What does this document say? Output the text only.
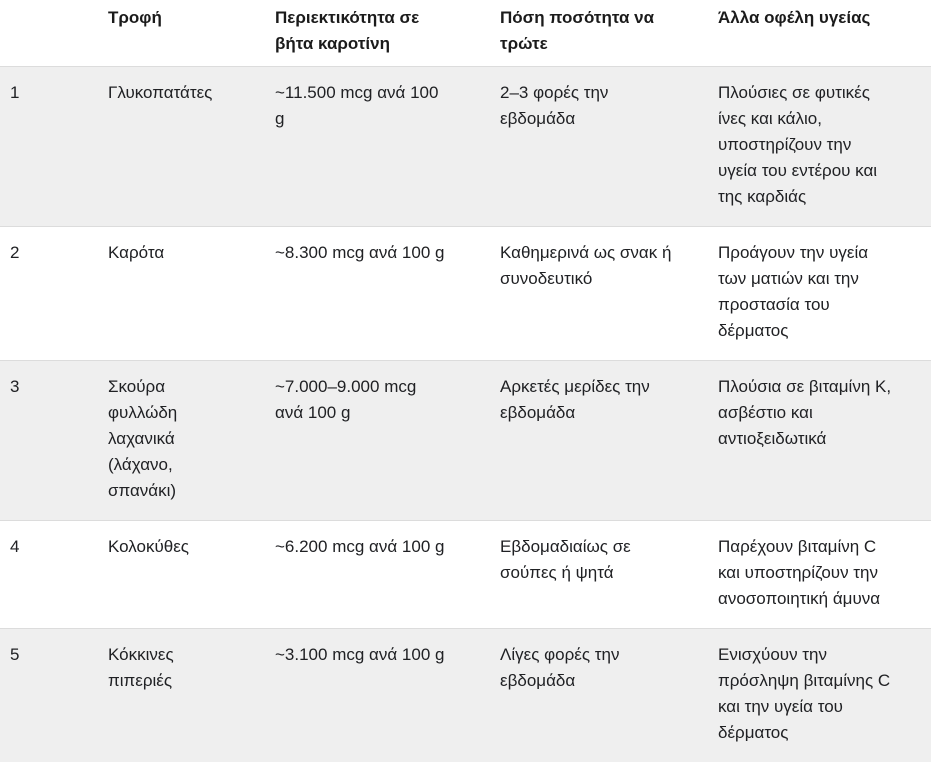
	Τροφή	Περιεκτικότητα σε βήτα καροτίνη	Πόση ποσότητα να τρώτε	Άλλα οφέλη υγείας
1	Γλυκοπατάτες	~11.500 mcg ανά 100 g	2–3 φορές την εβδομάδα	Πλούσιες σε φυτικές ίνες και κάλιο, υποστηρίζουν την υγεία του εντέρου και της καρδιάς
2	Καρότα	~8.300 mcg ανά 100 g	Καθημερινά ως σνακ ή συνοδευτικό	Προάγουν την υγεία των ματιών και την προστασία του δέρματος
3	Σκούρα φυλλώδη λαχανικά (λάχανο, σπανάκι)	~7.000–9.000 mcg ανά 100 g	Αρκετές μερίδες την εβδομάδα	Πλούσια σε βιταμίνη Κ, ασβέστιο και αντιοξειδωτικά
4	Κολοκύθες	~6.200 mcg ανά 100 g	Εβδομαδιαίως σε σούπες ή ψητά	Παρέχουν βιταμίνη C και υποστηρίζουν την ανοσοποιητική άμυνα
5	Κόκκινες πιπεριές	~3.100 mcg ανά 100 g	Λίγες φορές την εβδομάδα	Ενισχύουν την πρόσληψη βιταμίνης C και την υγεία του δέρματος
